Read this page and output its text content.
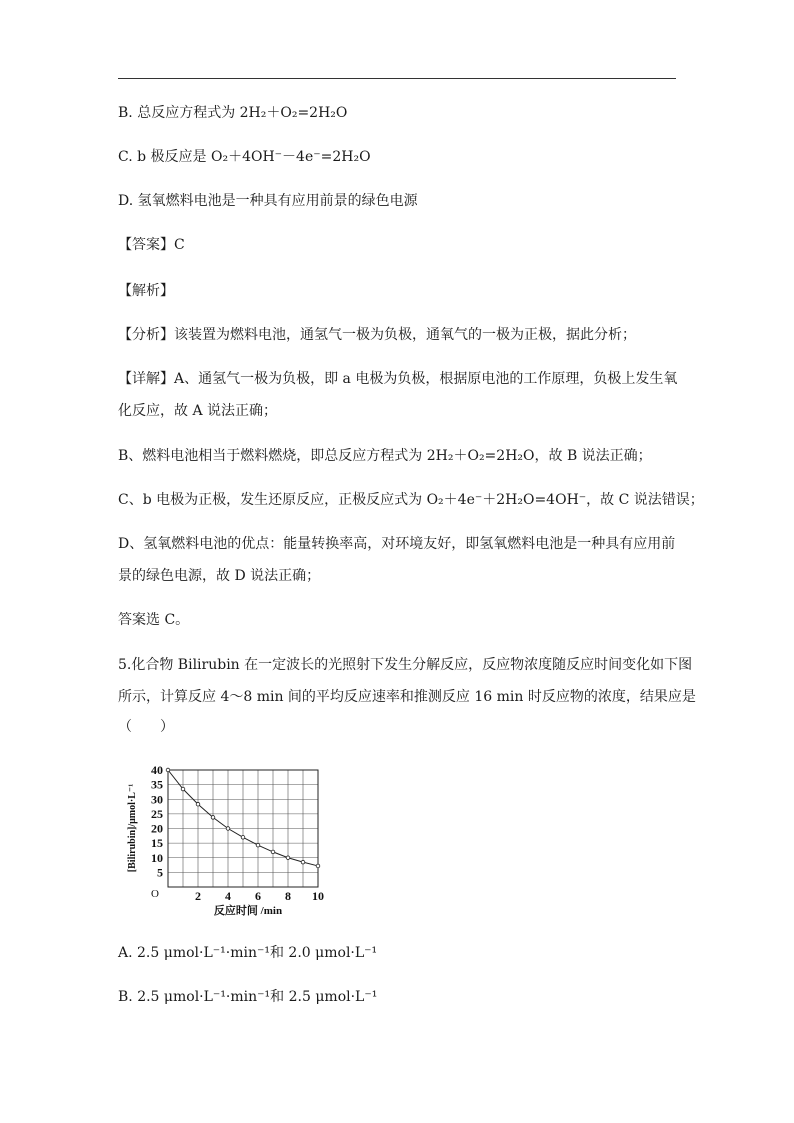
B. 总反应方程式为 2H₂＋O₂=2H₂O
C. b 极反应是 O₂＋4OH⁻－4e⁻=2H₂O
D. 氢氧燃料电池是一种具有应用前景的绿色电源
【答案】C
【解析】
【分析】该装置为燃料电池，通氢气一极为负极，通氧气的一极为正极，据此分析；
【详解】A、通氢气一极为负极，即 a 电极为负极，根据原电池的工作原理，负极上发生氧
化反应，故 A 说法正确；
B、燃料电池相当于燃料燃烧，即总反应方程式为 2H₂＋O₂=2H₂O，故 B 说法正确；
C、b 电极为正极，发生还原反应，正极反应式为 O₂＋4e⁻＋2H₂O=4OH⁻，故 C 说法错误；
D、氢氧燃料电池的优点：能量转换率高，对环境友好，即氢氧燃料电池是一种具有应用前
景的绿色电源，故 D 说法正确；
答案选 C。
5.化合物 Bilirubin 在一定波长的光照射下发生分解反应，反应物浓度随反应时间变化如下图
所示，计算反应 4～8 min 间的平均反应速率和推测反应 16 min 时反应物的浓度，结果应是
（　　）
2 4 6 8 10
5
10
15
20
25
30
35
40
O
反应时间 /min
[Bilirubin]/μmol·L⁻¹
A. 2.5 μmol·L⁻¹·min⁻¹和 2.0 μmol·L⁻¹
B. 2.5 μmol·L⁻¹·min⁻¹和 2.5 μmol·L⁻¹
